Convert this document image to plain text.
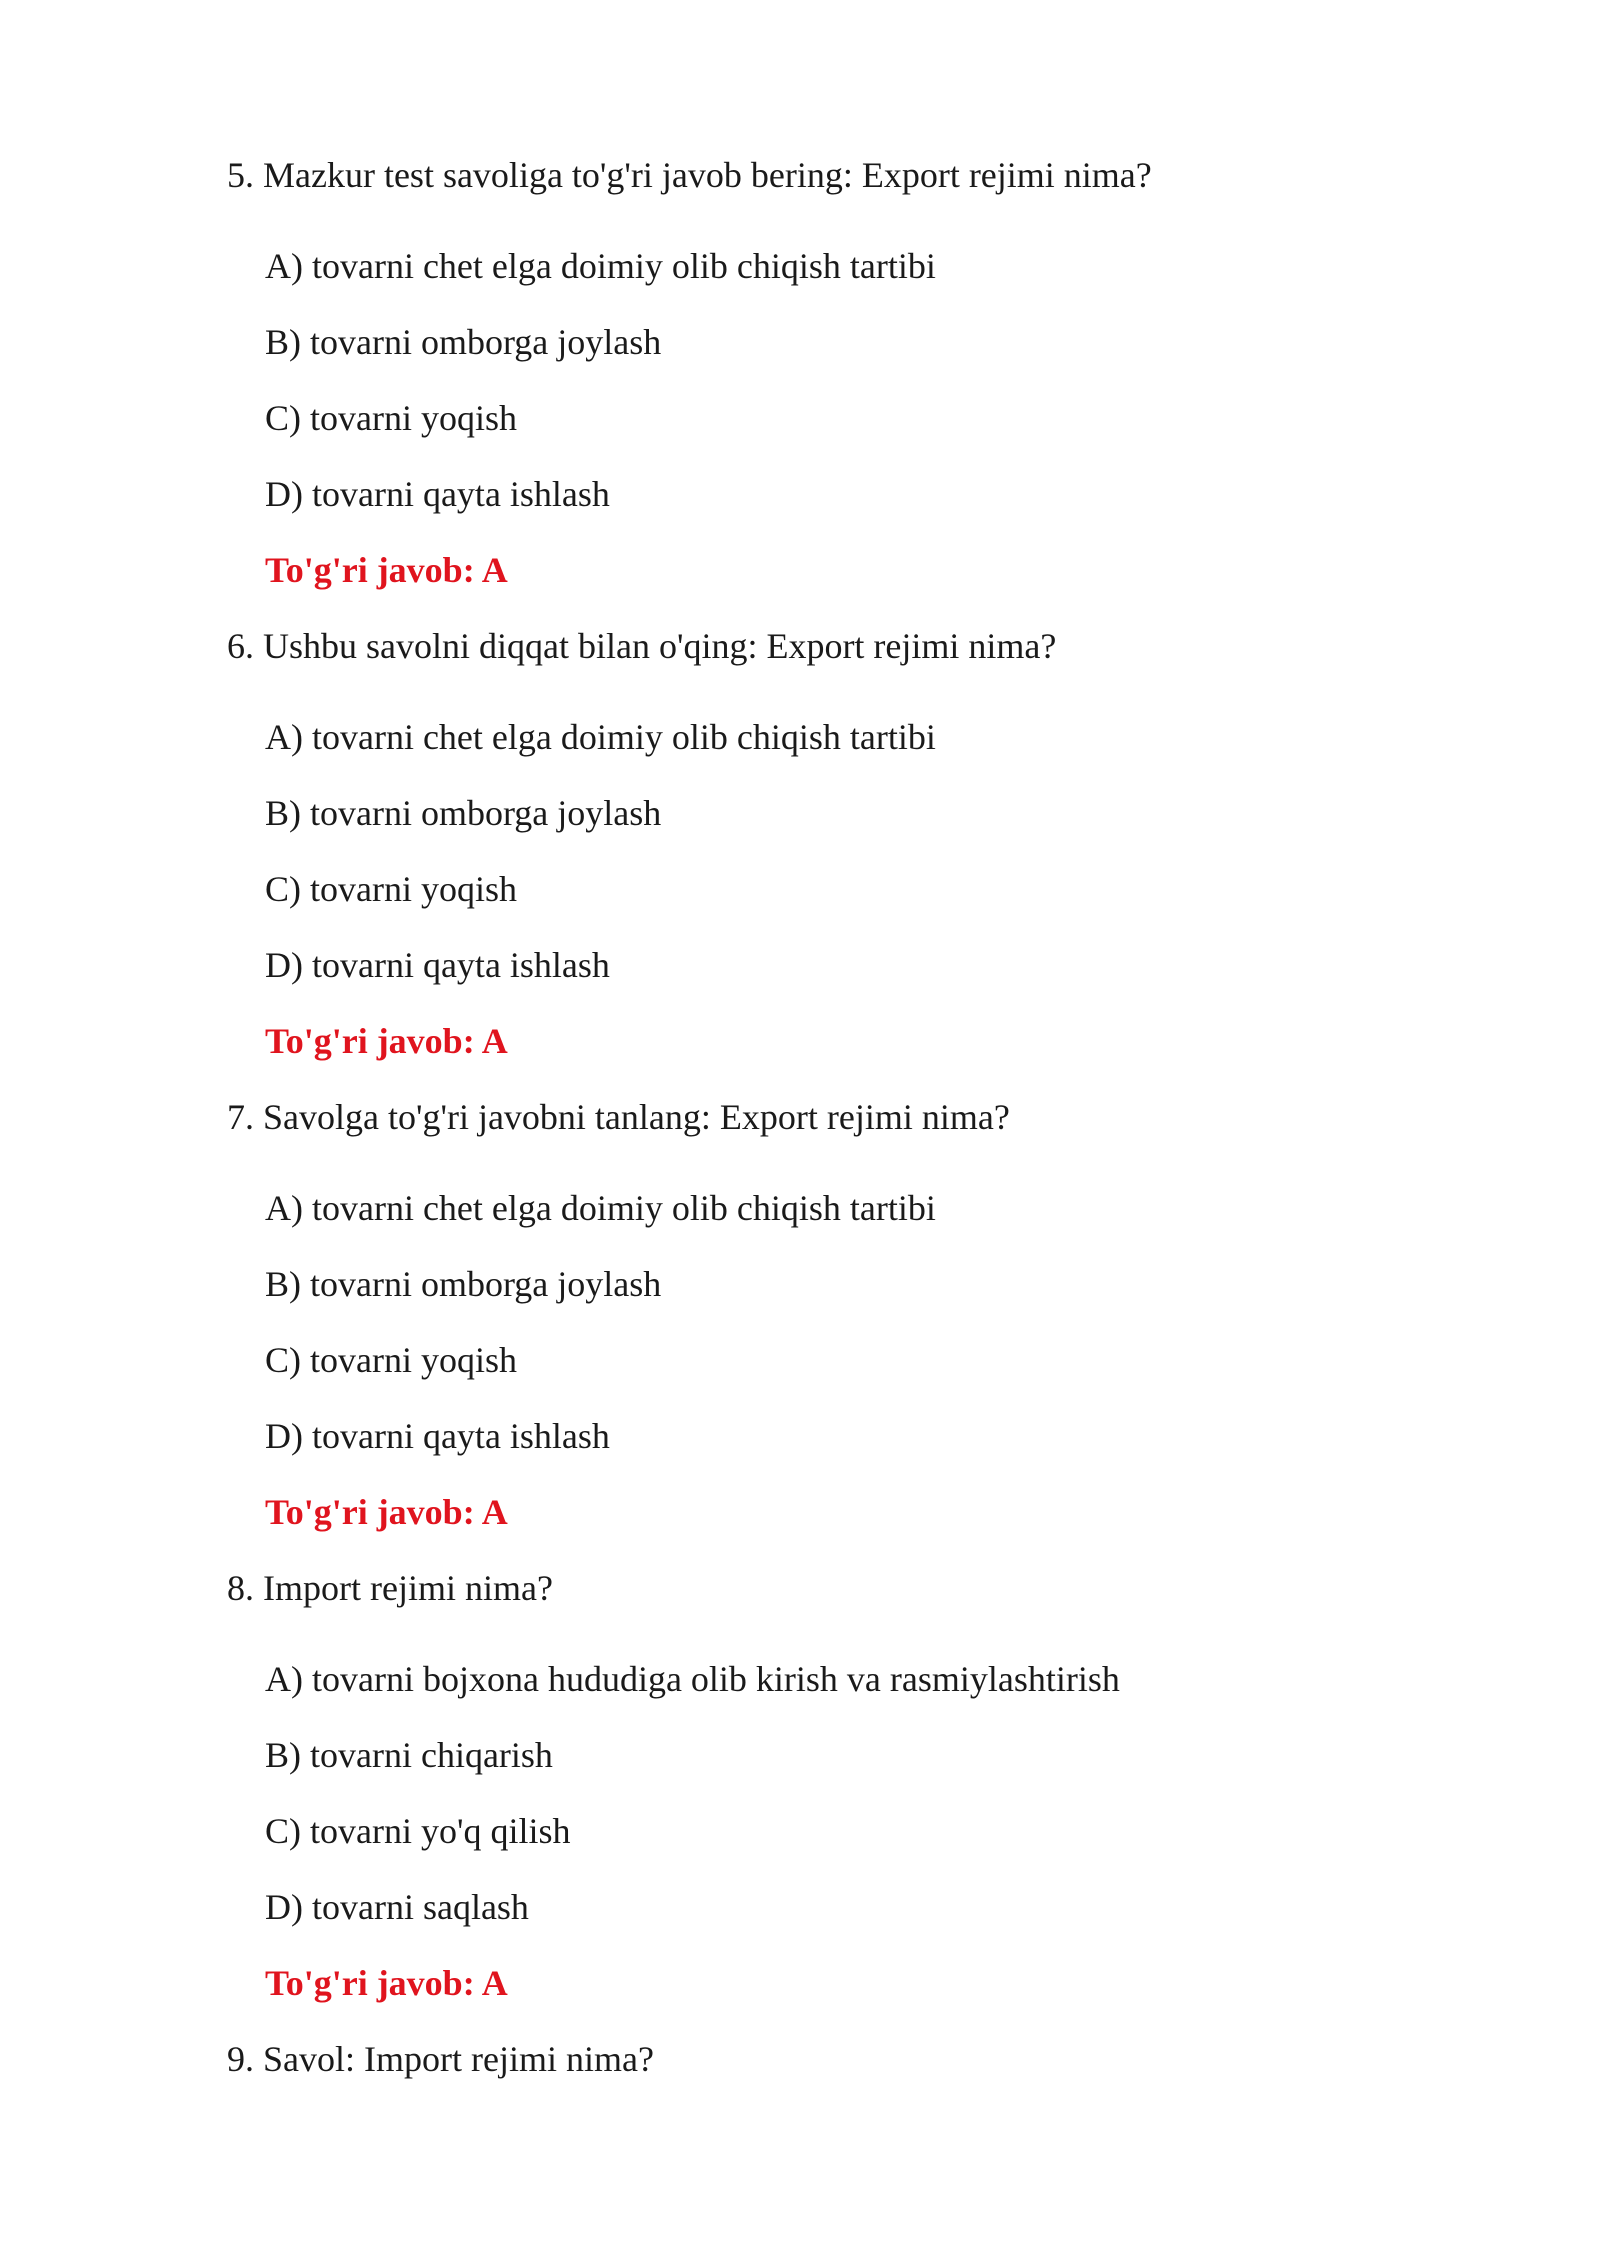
5. Mazkur test savoliga to'g'ri javob bering: Export rejimi nima?
A) tovarni chet elga doimiy olib chiqish tartibi
B) tovarni omborga joylash
C) tovarni yoqish
D) tovarni qayta ishlash
To'g'ri javob: A
6. Ushbu savolni diqqat bilan o'qing: Export rejimi nima?
A) tovarni chet elga doimiy olib chiqish tartibi
B) tovarni omborga joylash
C) tovarni yoqish
D) tovarni qayta ishlash
To'g'ri javob: A
7. Savolga to'g'ri javobni tanlang: Export rejimi nima?
A) tovarni chet elga doimiy olib chiqish tartibi
B) tovarni omborga joylash
C) tovarni yoqish
D) tovarni qayta ishlash
To'g'ri javob: A
8. Import rejimi nima?
A) tovarni bojxona hududiga olib kirish va rasmiylashtirish
B) tovarni chiqarish
C) tovarni yo'q qilish
D) tovarni saqlash
To'g'ri javob: A
9. Savol: Import rejimi nima?
